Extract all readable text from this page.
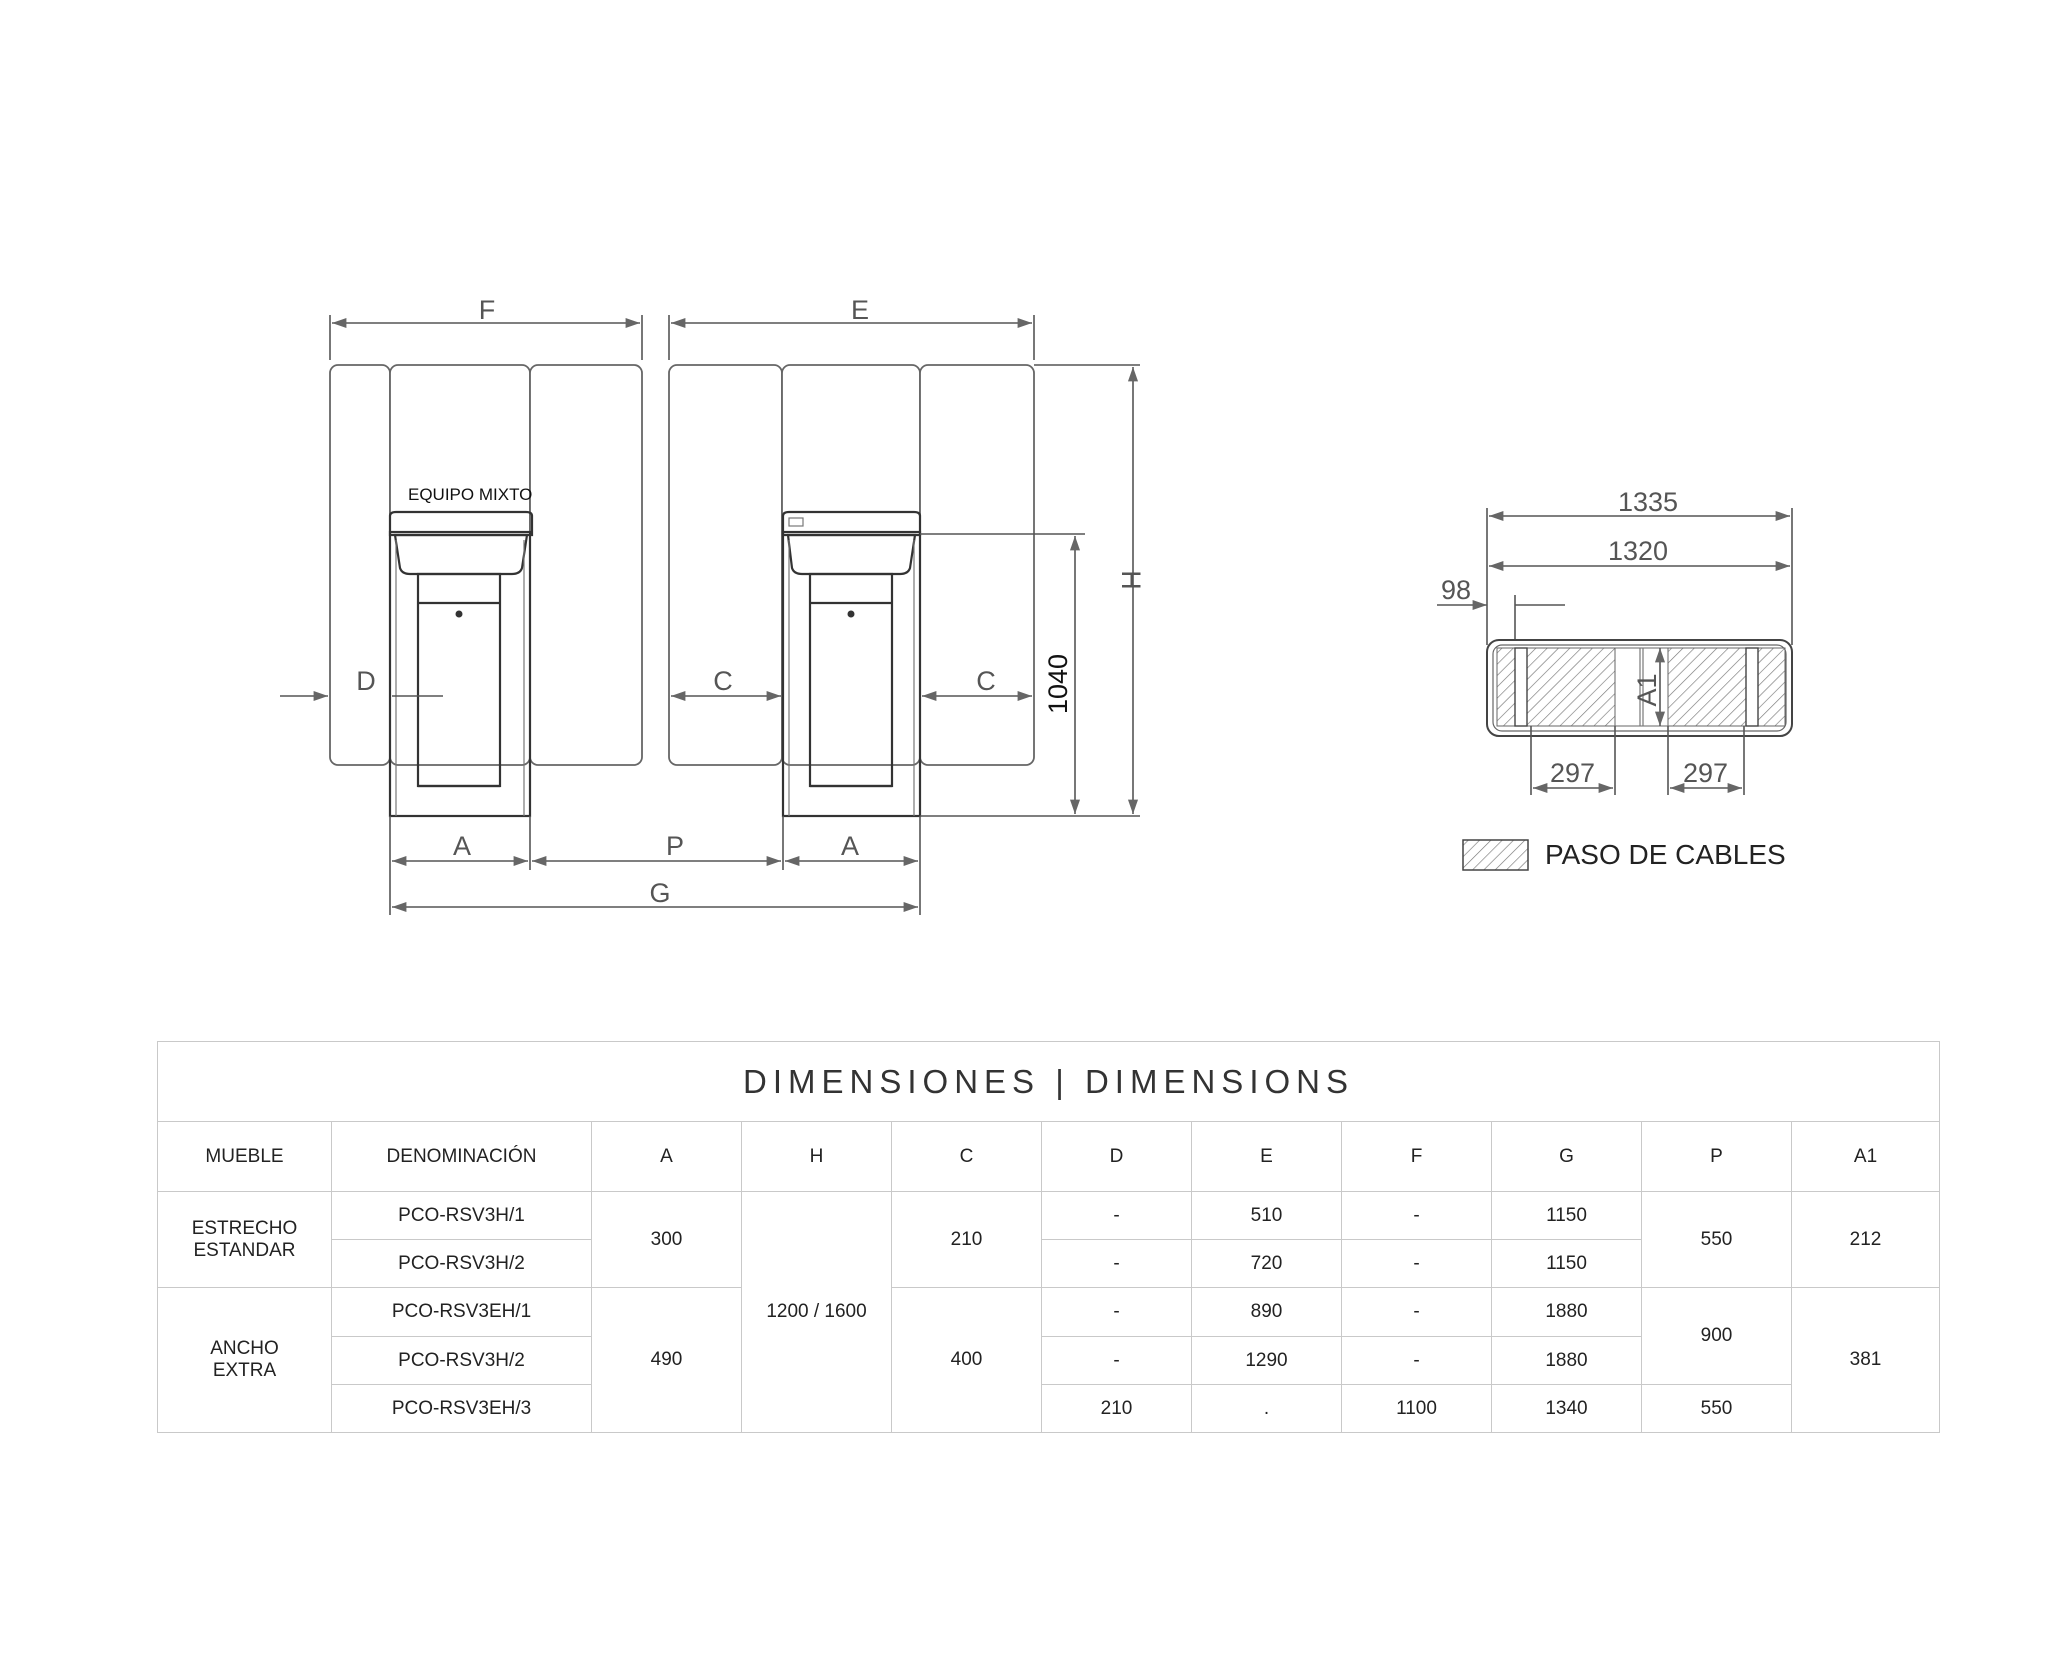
EQUIPO MIXTO
F	E
H
1040
D	C	C
A	P	A
G
1335
1320
98
A1
297	297
PASO DE CABLES
DIMENSIONES | DIMENSIONS										
MUEBLE	DENOMINACIÓN	A	H	C	D	E	F	G	P	A1

ESTRECHO
ESTANDAR	PCO-RSV3H/1	300	1200 / 1600	210	-	510	-	1150	550	212
	PCO-RSV3H/2				-	720	-	1150		

ANCHO
EXTRA	PCO-RSV3EH/1	490		400	-	890	-	1880	900	381
	PCO-RSV3H/2				-	1290	-	1880		
	PCO-RSV3EH/3				210	.	1100	1340	550	
